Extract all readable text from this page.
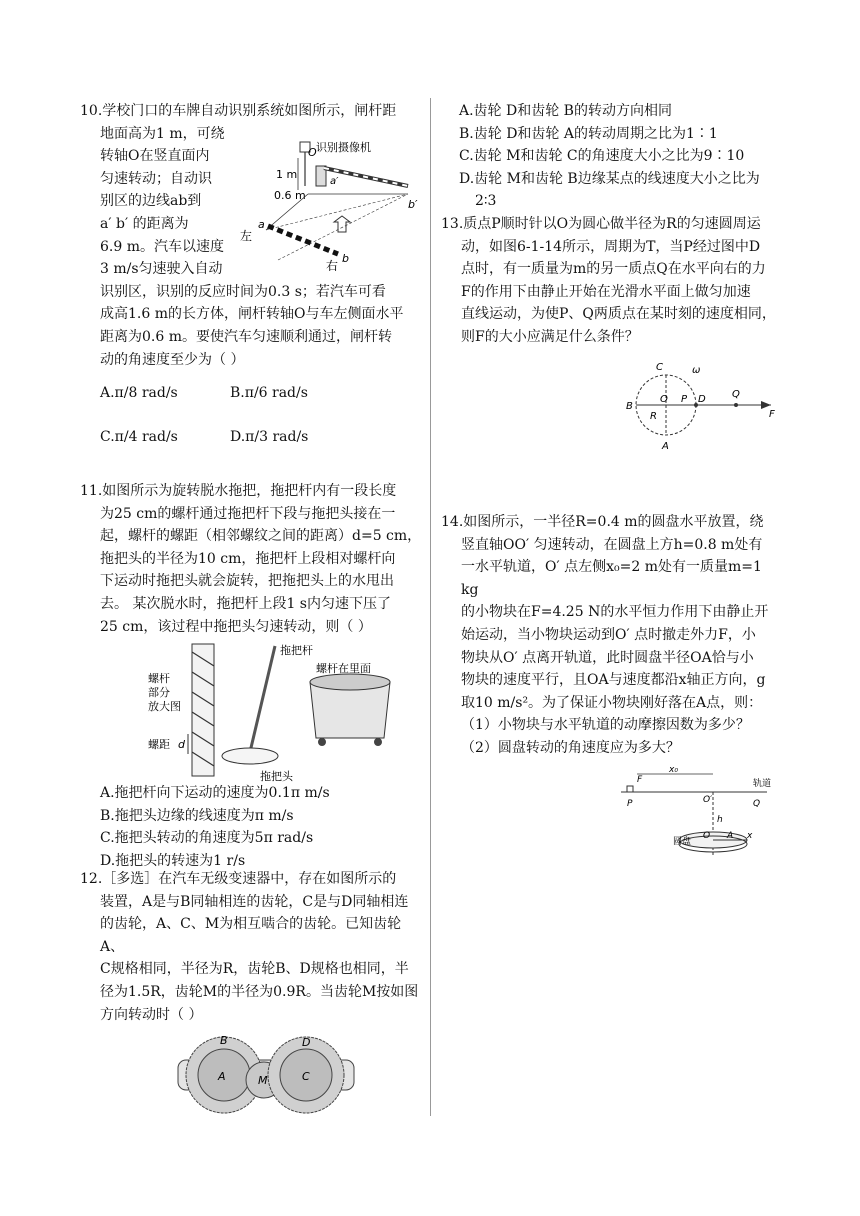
10.学校门口的车牌自动识别系统如图所示，闸杆距

地面高为1 m，可绕

转轴O在竖直面内

匀速转动；自动识

别区的边线ab到

a′ b′ 的距离为

6.9 m。汽车以速度

3 m/s匀速驶入自动

识别区，识别的反应时间为0.3 s；若汽车可看

成高1.6 m的长方体，闸杆转轴O与车左侧面水平

距离为0.6 m。要使汽车匀速顺利通过，闸杆转

动的角速度至少为（ ）

A.π/8 rad/s	B.π/6 rad/s
C.π/4 rad/s	D.π/3 rad/s
识别摄像机
O
1 m
0.6 m
a′
a
b
b′
左
右

11.如图所示为旋转脱水拖把，拖把杆内有一段长度

为25 cm的螺杆通过拖把杆下段与拖把头接在一

起，螺杆的螺距（相邻螺纹之间的距离）d=5 cm，

拖把头的半径为10 cm，拖把杆上段相对螺杆向

下运动时拖把头就会旋转，把拖把头上的水甩出

去。 某次脱水时，拖把杆上段1 s内匀速下压了

25 cm，该过程中拖把头匀速转动，则（ ）

螺杆
部分
放大图
螺距 d
拖把杆
螺杆在里面
拖把头

A.拖把杆向下运动的速度为0.1π m/s

B.拖把头边缘的线速度为π m/s

C.拖把头转动的角速度为5π rad/s

D.拖把头的转速为1 r/s

12.［多选］在汽车无级变速器中，存在如图所示的

装置，A是与B同轴相连的齿轮，C是与D同轴相连

的齿轮，A、C、M为相互啮合的齿轮。已知齿轮A、

C规格相同，半径为R，齿轮B、D规格也相同，半

径为1.5R，齿轮M的半径为0.9R。当齿轮M按如图

方向转动时（ ）

B
A	M
D
C

A.齿轮 D和齿轮 B的转动方向相同

B.齿轮 D和齿轮 A的转动周期之比为1∶1

C.齿轮 M和齿轮 C的角速度大小之比为9∶10

D.齿轮 M和齿轮 B边缘某点的线速度大小之比为

2∶3

13.质点P顺时针以O为圆心做半径为R的匀速圆周运

动，如图6-1-14所示，周期为T，当P经过图中D

点时，有一质量为m的另一质点Q在水平向右的力

F的作用下由静止开始在光滑水平面上做匀加速

直线运动，为使P、Q两质点在某时刻的速度相同，

则F的大小应满足什么条件？

C
B
O
R
P D	Q
F
A
ω

14.如图所示，一半径R=0.4 m的圆盘水平放置，绕

竖直轴OO′ 匀速转动，在圆盘上方h=0.8 m处有

一水平轨道，O′ 点左侧x₀=2 m处有一质量m=1 kg

的小物块在F=4.25 N的水平恒力作用下由静止开

始运动，当小物块运动到O′ 点时撤走外力F，小

物块从O′ 点离开轨道，此时圆盘半径OA恰与小

物块的速度平行，且OA与速度都沿x轴正方向，g

取10 m/s²。为了保证小物块刚好落在A点，则：

（1）小物块与水平轨道的动摩擦因数为多少？

（2）圆盘转动的角速度应为多大？

x₀
F
P	O′
轨道
Q
h
圆盘
O A x
